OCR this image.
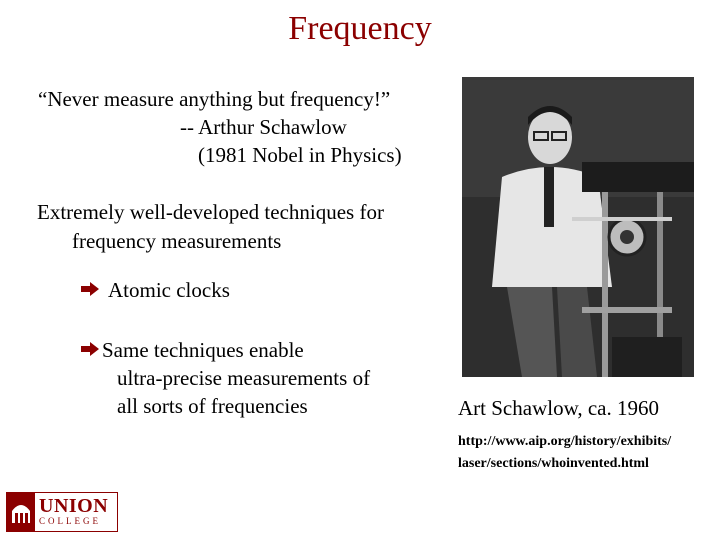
Frequency
“Never measure anything but frequency!”
-- Arthur Schawlow
(1981 Nobel in Physics)
Extremely well-developed techniques for
frequency measurements
Atomic clocks
Same techniques enable
ultra-precise measurements of
all sorts of frequencies	Art Schawlow, ca. 1960
http://www.aip.org/history/exhibits/
laser/sections/whoinvented.html
UNION
COLLEGE
